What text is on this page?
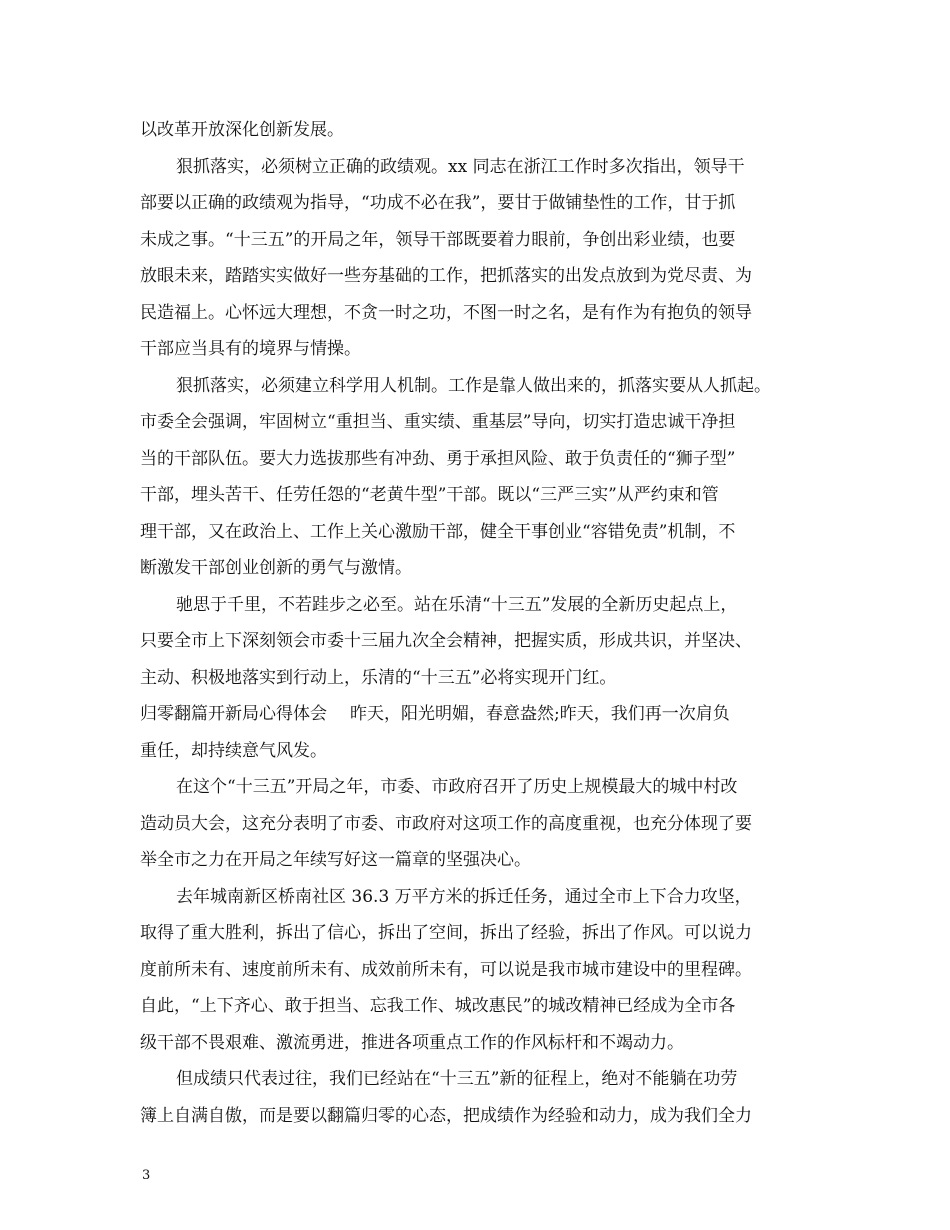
以改革开放深化创新发展。
狠抓落实，必须树立正确的政绩观。xx 同志在浙江工作时多次指出，领导干
部要以正确的政绩观为指导，“功成不必在我”，要甘于做铺垫性的工作，甘于抓
未成之事。“十三五”的开局之年，领导干部既要着力眼前，争创出彩业绩，也要
放眼未来，踏踏实实做好一些夯基础的工作，把抓落实的出发点放到为党尽责、为
民造福上。心怀远大理想，不贪一时之功，不图一时之名，是有作为有抱负的领导
干部应当具有的境界与情操。
狠抓落实，必须建立科学用人机制。工作是靠人做出来的，抓落实要从人抓起。
市委全会强调，牢固树立“重担当、重实绩、重基层”导向，切实打造忠诚干净担
当的干部队伍。要大力选拔那些有冲劲、勇于承担风险、敢于负责任的“狮子型”
干部，埋头苦干、任劳任怨的“老黄牛型”干部。既以“三严三实”从严约束和管
理干部，又在政治上、工作上关心激励干部，健全干事创业“容错免责”机制，不
断激发干部创业创新的勇气与激情。
驰思于千里，不若跬步之必至。站在乐清“十三五”发展的全新历史起点上，
只要全市上下深刻领会市委十三届九次全会精神，把握实质，形成共识，并坚决、
主动、积极地落实到行动上，乐清的“十三五”必将实现开门红。
归零翻篇开新局心得体会 昨天，阳光明媚，春意盎然;昨天，我们再一次肩负
重任，却持续意气风发。
在这个“十三五”开局之年，市委、市政府召开了历史上规模最大的城中村改
造动员大会，这充分表明了市委、市政府对这项工作的高度重视，也充分体现了要
举全市之力在开局之年续写好这一篇章的坚强决心。
去年城南新区桥南社区 36.3 万平方米的拆迁任务，通过全市上下合力攻坚，
取得了重大胜利，拆出了信心，拆出了空间，拆出了经验，拆出了作风。可以说力
度前所未有、速度前所未有、成效前所未有，可以说是我市城市建设中的里程碑。
自此，“上下齐心、敢于担当、忘我工作、城改惠民”的城改精神已经成为全市各
级干部不畏艰难、激流勇进，推进各项重点工作的作风标杆和不竭动力。
但成绩只代表过往，我们已经站在“十三五”新的征程上，绝对不能躺在功劳
簿上自满自傲，而是要以翻篇归零的心态，把成绩作为经验和动力，成为我们全力
3
